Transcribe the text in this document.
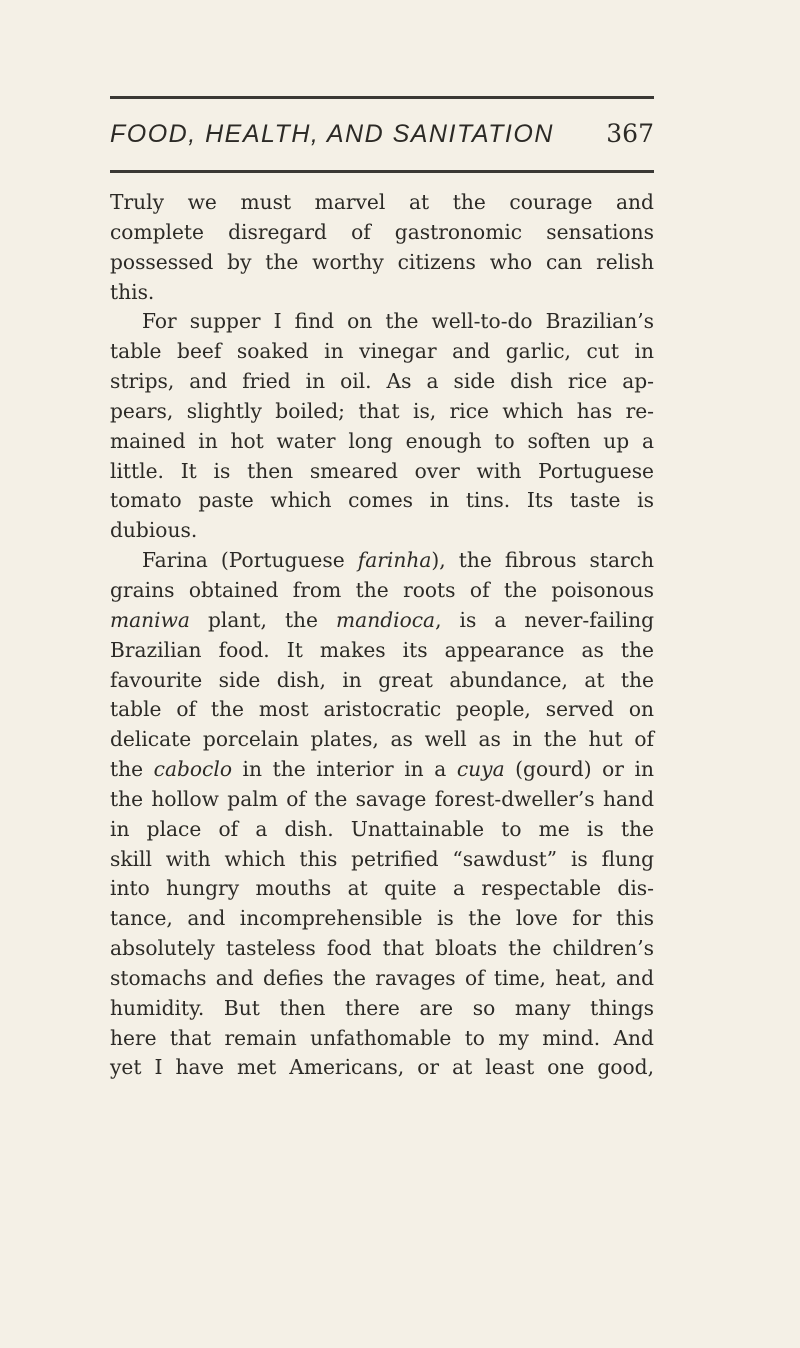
FOOD, HEALTH, AND SANITATION 367
Truly we must marvel at the courage and
complete disregard of gastronomic sensations
possessed by the worthy citizens who can relish
this.
For supper I find on the well-to-do Brazilian’s
table beef soaked in vinegar and garlic, cut in
strips, and fried in oil. As a side dish rice ap-
pears, slightly boiled; that is, rice which has re-
mained in hot water long enough to soften up a
little. It is then smeared over with Portuguese
tomato paste which comes in tins. Its taste is
dubious.
Farina (Portuguese farinha), the fibrous starch
grains obtained from the roots of the poisonous
maniwa plant, the mandioca, is a never-failing
Brazilian food. It makes its appearance as the
favourite side dish, in great abundance, at the
table of the most aristocratic people, served on
delicate porcelain plates, as well as in the hut of
the caboclo in the interior in a cuya (gourd) or in
the hollow palm of the savage forest-dweller’s hand
in place of a dish. Unattainable to me is the
skill with which this petrified “sawdust” is flung
into hungry mouths at quite a respectable dis-
tance, and incomprehensible is the love for this
absolutely tasteless food that bloats the children’s
stomachs and defies the ravages of time, heat, and
humidity. But then there are so many things
here that remain unfathomable to my mind. And
yet I have met Americans, or at least one good,
